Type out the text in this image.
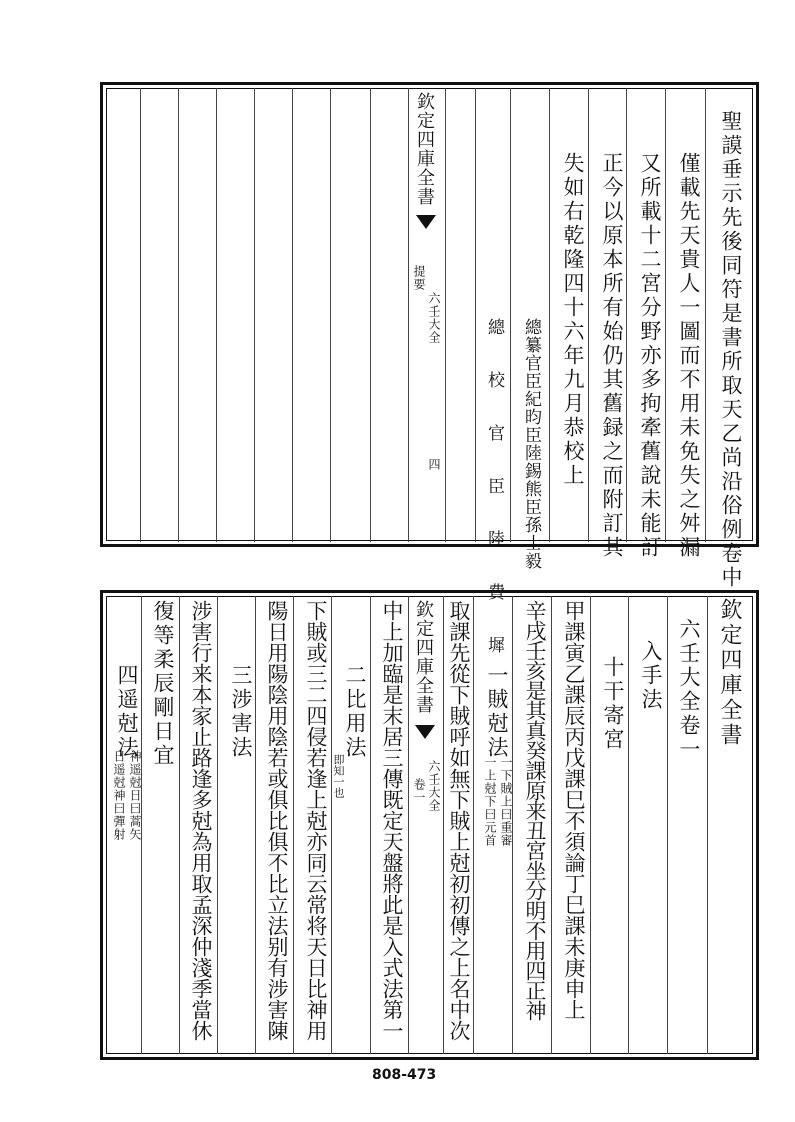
聖謨垂示先後同符是書所取天乙尚沿俗例卷中
僅載先天貴人一圖而不用未免失之舛漏
又所載十二宮分野亦多拘牽舊說未能訂
正今以原本所有始仍其舊録之而附訂其
失如右乾隆四十六年九月恭校上
總纂官臣紀昀臣陸錫熊臣孫士毅
總 校 官 臣 陸 費 墀
欽定四庫全書
六壬大全
提要
四
欽定四庫全書
六壬大全卷一
入手法
十干寄宮
甲課寅乙課辰丙戊課巳不須論丁巳課未庚申上
辛戌壬亥是其真癸課原来丑宮坐分明不用四正神
一賊尅法
一下賊上曰重審
一上尅下曰元首
取課先從下賊呼如無下賊上尅初初傳之上名中次
中上加臨是末居三傳既定天盤將此是入式法第一
二比用法
即知一也
下賊或三二四侵若逢上尅亦同云常将天日比神用
陽日用陽陰用陰若或俱比俱不比立法别有涉害陳
三涉害法
涉害行来本家止路逢多尅為用取孟深仲淺季當休
復等柔辰剛日宜
四遥尅法
神遥尅日曰蒿矢
日遥尅神曰彈射
欽定四庫全書
六壬大全
卷一
808-473
